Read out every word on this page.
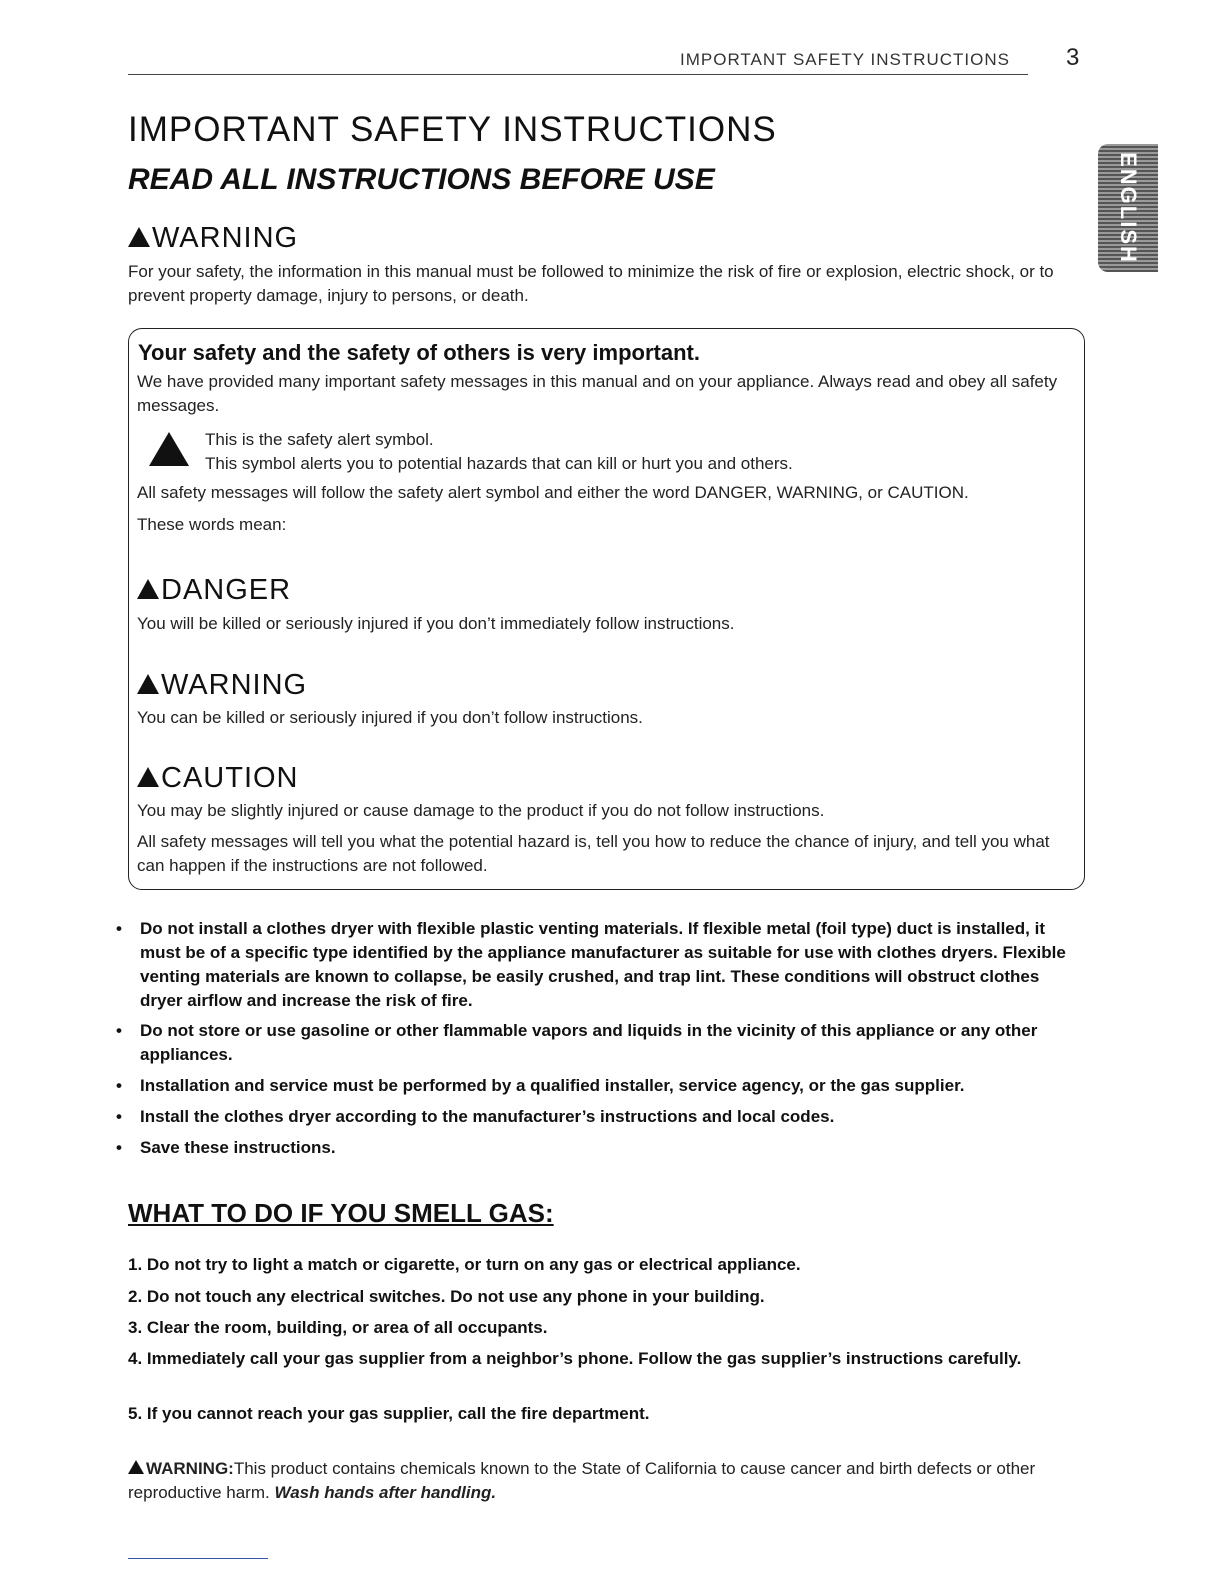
IMPORTANT SAFETY INSTRUCTIONS 3
IMPORTANT SAFETY INSTRUCTIONS
READ ALL INSTRUCTIONS BEFORE USE	ENGLISH
WARNING
For your safety, the information in this manual must be followed to minimize the risk of fire or explosion, electric shock, or to prevent property damage, injury to persons, or death.
Your safety and the safety of others is very important.
We have provided many important safety messages in this manual and on your appliance. Always read and obey all safety messages.
This is the safety alert symbol.
This symbol alerts you to potential hazards that can kill or hurt you and others.
All safety messages will follow the safety alert symbol and either the word DANGER, WARNING, or CAUTION.
These words mean:
DANGER
You will be killed or seriously injured if you don’t immediately follow instructions.
WARNING
You can be killed or seriously injured if you don’t follow instructions.
CAUTION
You may be slightly injured or cause damage to the product if you do not follow instructions.
All safety messages will tell you what the potential hazard is, tell you how to reduce the chance of injury, and tell you what can happen if the instructions are not followed.
• Do not install a clothes dryer with flexible plastic venting materials. If flexible metal (foil type) duct is installed, it must be of a specific type identified by the appliance manufacturer as suitable for use with clothes dryers. Flexible venting materials are known to collapse, be easily crushed, and trap lint. These conditions will obstruct clothes dryer airflow and increase the risk of fire.
• Do not store or use gasoline or other flammable vapors and liquids in the vicinity of this appliance or any other appliances.
• Installation and service must be performed by a qualified installer, service agency, or the gas supplier.
• Install the clothes dryer according to the manufacturer’s instructions and local codes.
• Save these instructions.
WHAT TO DO IF YOU SMELL GAS:
1. Do not try to light a match or cigarette, or turn on any gas or electrical appliance.
2. Do not touch any electrical switches. Do not use any phone in your building.
3. Clear the room, building, or area of all occupants.
4. Immediately call your gas supplier from a neighbor’s phone. Follow the gas supplier’s instructions carefully.
5. If you cannot reach your gas supplier, call the fire department.
WARNING:This product contains chemicals known to the State of California to cause cancer and birth defects or other reproductive harm. Wash hands after handling.
